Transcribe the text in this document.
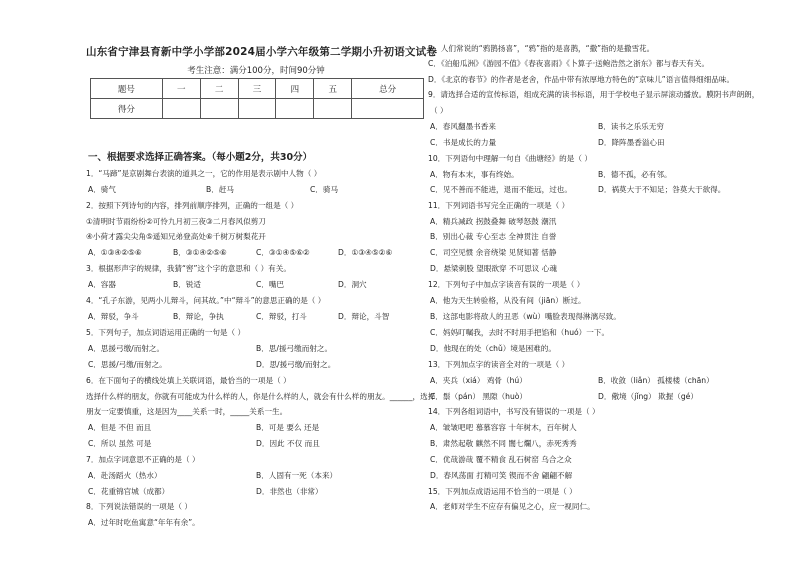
山东省宁津县育新中学小学部2024届小学六年级第二学期小升初语文试卷
考生注意：满分100分，时间90分钟
题号	一	二	三	四	五	总分
得分						
一、根据要求选择正确答案。（每小题2分，共30分）
1．“马蹄”是京剧舞台表演的道具之一，它的作用是表示剧中人物（ ）
A．骑气	B．赶马	C．骑马
2．按照下列诗句的内容，排列前顺序排列，正确的一组是（ ）
①清明时节雨纷纷②可怜九月初三夜③二月春风似剪刀
④小荷才露尖尖角⑤遥知兄弟登高处⑥千树万树梨花开
A．①③④②⑤⑥	B．③①④②⑤⑥	C．③①④⑤⑥②	D．①③④⑤②⑥
3．根据形声字的规律，我猜“窖”这个字的意思和（ ）有关。
A．容器	B．锐适	C．嘴巴	D．洞穴
4．“孔子东游，见两小儿辩斗，问其故。”中“辩斗”的意思正确的是（ ）
A．辩驳，争斗	B．辩论，争执	C．辩驳，打斗	D．辩论，斗智
5．下列句子，加点词语运用正确的一句是（ ）
A．思援弓缴/而射之。	B．思/援弓缴而射之。
C．思援/弓缴/而射之。	D．思/援弓缴/而射之。
6．在下面句子的横线处填上关联词语，最恰当的一项是（ ）
选择什么样的朋友，你就有可能成为什么样的人，你是什么样的人，就会有什么样的朋友。______，选择
朋友一定要慎重，这是因为____关系一时，_____关系一生。
A．但是 不但 而且	B．可是 要么 还是
C．所以 虽然 可是	D．因此 不仅 而且
7．加点字词意思不正确的是（ ）
A．赴汤蹈火（热水）	B．人固有一死（本来）
C．花重锦官城（成都）	D．非然也（非常）
8．下列说法错误的一项是（ ）
A．过年时吃鱼寓意“年年有余”。
B．人们常说的“鸦鹊扬喜”，“鸦”指的是喜鹊，“撒”指的是撒雪花。
C．《泊船瓜洲》《游园不值》《春夜喜雨》《卜算子·送鲍浩然之浙东》都与春天有关。
D．《北京的春节》的作者是老舍，作品中带有浓厚地方特色的“京味儿”语言值得细细品味。
9．请选择合适的宣传标语，组成充满的读书标语，用于学校电子显示屏滚动播放。膜阴书声朗朗，
（ ）
A．春风翻墨书香来	B．读书之乐乐无穷
C．书是成长的力量	D．降阵墨香溢心田
10．下列语句中理解一句自《曲塘经》的是（ ）
A．物有本末，事有终始。	B．德不孤，必有邻。
C．见不善而不能进，退而不能远，过也。	D．祸莫大于不知足；咎莫大于欲得。
11．下列词语书写完全正确的一项是（ ）
A．精兵减政 拐鼓叠舞 破琴怒鼓 潮汛
B．别出心裁 专心至志 全神贯注 自誉
C．司空见惯 余音绕梁 见贤知著 恬静
D．悬梁刺股 望眼欲穿 不可思议 心魂
12．下列句子中加点字读音有误的一项是（ ）
A．他为天生转验格，从没有间（jiān）断过。
B．这部电影将敌人的丑恶（wù）嘴脸表现得淋漓尽致。
C．妈妈叮嘱我，去时不时用手把馅和（huó）一下。
D．他现在的处（chǔ）境是困难的。
13．下列加点字的读音全对的一项是（ ）
A．夹兵（xiá） 鸡骨（hú）	B．收敛（liǎn） 孤楼楼（chān）
C．鬃（pán） 黑隙（huò）	D．儆境（jǐng） 欺握（gé）
14．下列各组词语中，书写没有错误的一项是（ ）
A．皱皱吧吧 慕慕容容 十年树木，百年树人
B．肃然起敬 麒然不同 闇七爛八，赤死秀秀
C．优哉游哉 覆不精食 乱石树窑 乌合之众
D．春风荡面 打精可笑 锲而不舍 翩翩不解
15．下列加点成语运用不恰当的一项是（ ）
A．老师对学生不应存有偏见之心，应一视同仁。
